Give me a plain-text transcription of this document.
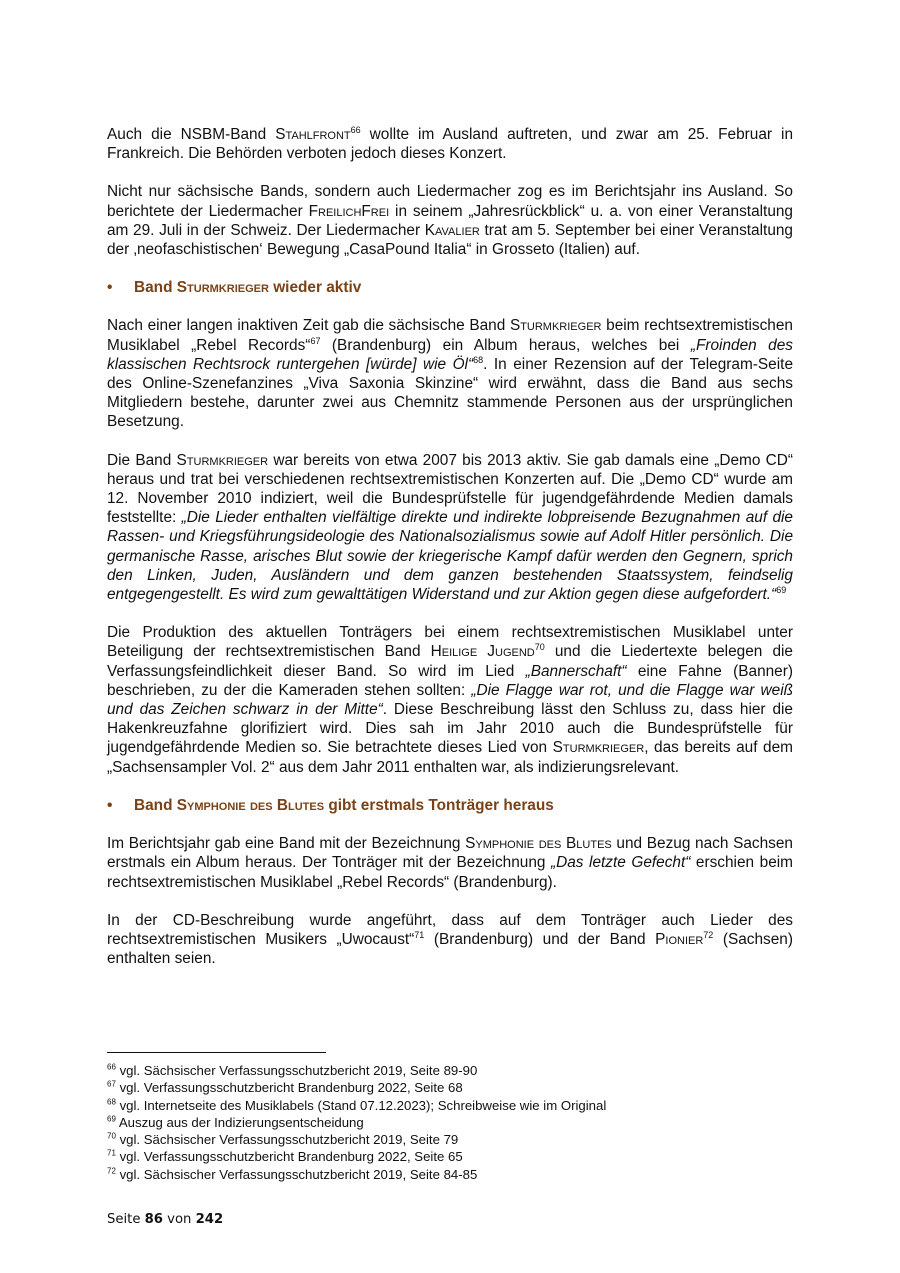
Auch die NSBM-Band Stahlfront$^{66}$ wollte im Ausland auftreten, und zwar am 25. Februar in Frankreich. Die Behörden verboten jedoch dieses Konzert.

Nicht nur sächsische Bands, sondern auch Liedermacher zog es im Berichtsjahr ins Ausland. So berichtete der Liedermacher FreilichFrei in seinem „Jahresrückblick“ u. a. von einer Veranstaltung am 29. Juli in der Schweiz. Der Liedermacher Kavalier trat am 5. September bei einer Veranstaltung der ‚neofaschistischen‘ Bewegung „CasaPound Italia“ in Grosseto (Italien) auf.

• Band Sturmkrieger wieder aktiv

Nach einer langen inaktiven Zeit gab die sächsische Band Sturmkrieger beim rechtsextremistischen Musiklabel „Rebel Records“$^{67}$ (Brandenburg) ein Album heraus, welches bei „Froinden des klassischen Rechtsrock runtergehen [würde] wie Öl“$^{68}$. In einer Rezension auf der Telegram-Seite des Online-Szenefanzines „Viva Saxonia Skinzine“ wird erwähnt, dass die Band aus sechs Mitgliedern bestehe, darunter zwei aus Chemnitz stammende Personen aus der ursprünglichen Besetzung.

Die Band Sturmkrieger war bereits von etwa 2007 bis 2013 aktiv. Sie gab damals eine „Demo CD“ heraus und trat bei verschiedenen rechtsextremistischen Konzerten auf. Die „Demo CD“ wurde am 12. November 2010 indiziert, weil die Bundesprüfstelle für jugendgefährdende Medien damals feststellte: „Die Lieder enthalten vielfältige direkte und indirekte lobpreisende Bezugnahmen auf die Rassen- und Kriegsführungsideologie des Nationalsozialismus sowie auf Adolf Hitler persönlich. Die germanische Rasse, arisches Blut sowie der kriegerische Kampf dafür werden den Gegnern, sprich den Linken, Juden, Ausländern und dem ganzen bestehenden Staatssystem, feindselig entgegengestellt. Es wird zum gewalttätigen Widerstand und zur Aktion gegen diese aufgefordert.“$^{69}$

Die Produktion des aktuellen Tonträgers bei einem rechtsextremistischen Musiklabel unter Beteiligung der rechtsextremistischen Band Heilige Jugend$^{70}$ und die Liedertexte belegen die Verfassungsfeindlichkeit dieser Band. So wird im Lied „Bannerschaft“ eine Fahne (Banner) beschrieben, zu der die Kameraden stehen sollten: „Die Flagge war rot, und die Flagge war weiß und das Zeichen schwarz in der Mitte“. Diese Beschreibung lässt den Schluss zu, dass hier die Hakenkreuzfahne glorifiziert wird. Dies sah im Jahr 2010 auch die Bundesprüfstelle für jugendgefährdende Medien so. Sie betrachtete dieses Lied von Sturmkrieger, das bereits auf dem „Sachsensampler Vol. 2“ aus dem Jahr 2011 enthalten war, als indizierungsrelevant.

• Band Symphonie des Blutes gibt erstmals Tonträger heraus

Im Berichtsjahr gab eine Band mit der Bezeichnung Symphonie des Blutes und Bezug nach Sachsen erstmals ein Album heraus. Der Tonträger mit der Bezeichnung „Das letzte Gefecht“ erschien beim rechtsextremistischen Musiklabel „Rebel Records“ (Brandenburg).

In der CD-Beschreibung wurde angeführt, dass auf dem Tonträger auch Lieder des rechtsextremistischen Musikers „Uwocaust“$^{71}$ (Brandenburg) und der Band Pionier$^{72}$ (Sachsen) enthalten seien.

$^{66}$ vgl. Sächsischer Verfassungsschutzbericht 2019, Seite 89-90
$^{67}$ vgl. Verfassungsschutzbericht Brandenburg 2022, Seite 68
$^{68}$ vgl. Internetseite des Musiklabels (Stand 07.12.2023); Schreibweise wie im Original
$^{69}$ Auszug aus der Indizierungsentscheidung
$^{70}$ vgl. Sächsischer Verfassungsschutzbericht 2019, Seite 79
$^{71}$ vgl. Verfassungsschutzbericht Brandenburg 2022, Seite 65
$^{72}$ vgl. Sächsischer Verfassungsschutzbericht 2019, Seite 84-85
Seite 86 von 242
